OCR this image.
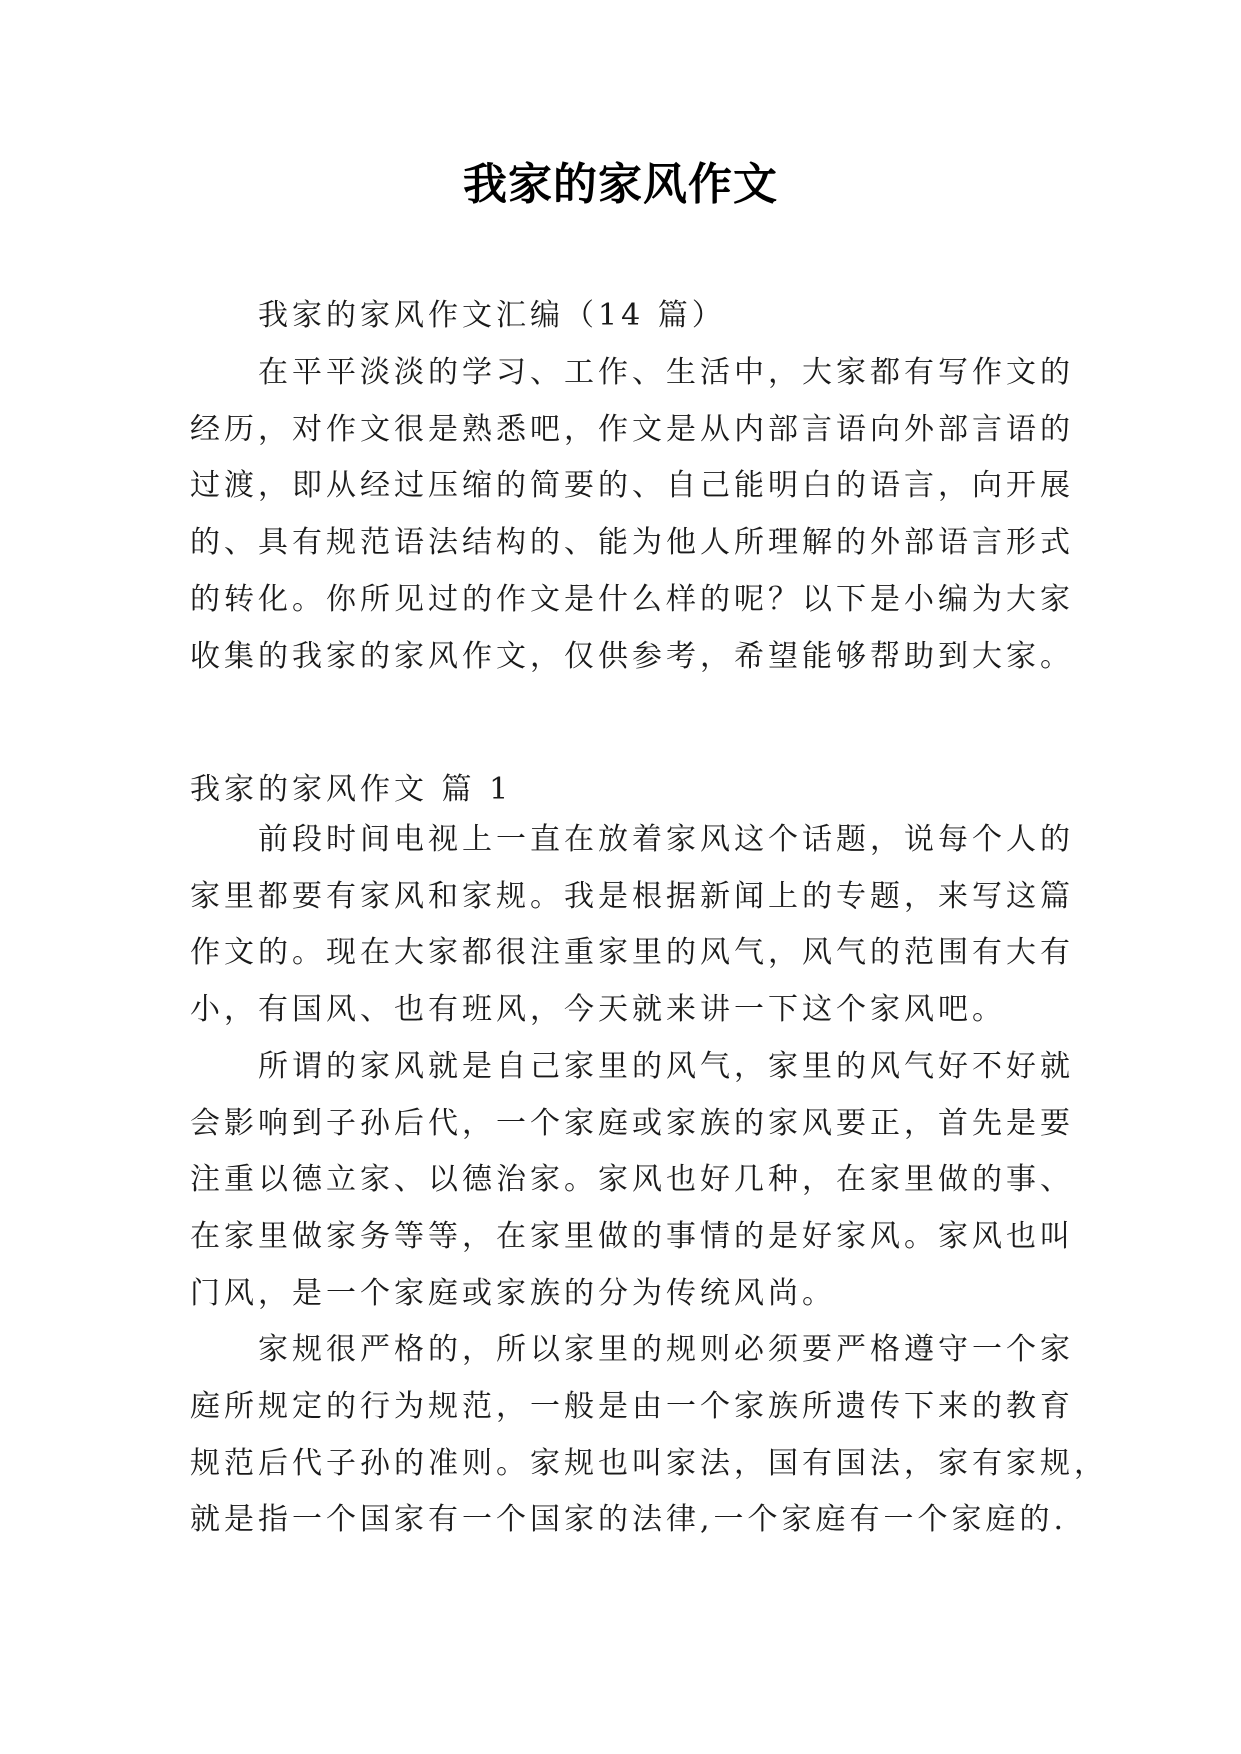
我家的家风作文
我家的家风作文汇编（14 篇）
在平平淡淡的学习、工作、生活中，大家都有写作文的
经历，对作文很是熟悉吧，作文是从内部言语向外部言语的
过渡，即从经过压缩的简要的、自己能明白的语言，向开展
的、具有规范语法结构的、能为他人所理解的外部语言形式
的转化。你所见过的作文是什么样的呢？以下是小编为大家
收集的我家的家风作文，仅供参考，希望能够帮助到大家。
我家的家风作文 篇 1
前段时间电视上一直在放着家风这个话题，说每个人的
家里都要有家风和家规。我是根据新闻上的专题，来写这篇
作文的。现在大家都很注重家里的风气，风气的范围有大有
小，有国风、也有班风，今天就来讲一下这个家风吧。
所谓的家风就是自己家里的风气，家里的风气好不好就
会影响到子孙后代，一个家庭或家族的家风要正，首先是要
注重以德立家、以德治家。家风也好几种，在家里做的事、
在家里做家务等等，在家里做的事情的是好家风。家风也叫
门风，是一个家庭或家族的分为传统风尚。
家规很严格的，所以家里的规则必须要严格遵守一个家
庭所规定的行为规范，一般是由一个家族所遗传下来的教育
规范后代子孙的准则。家规也叫家法，国有国法，家有家规，
就是指一个国家有一个国家的法律,一个家庭有一个家庭的.
